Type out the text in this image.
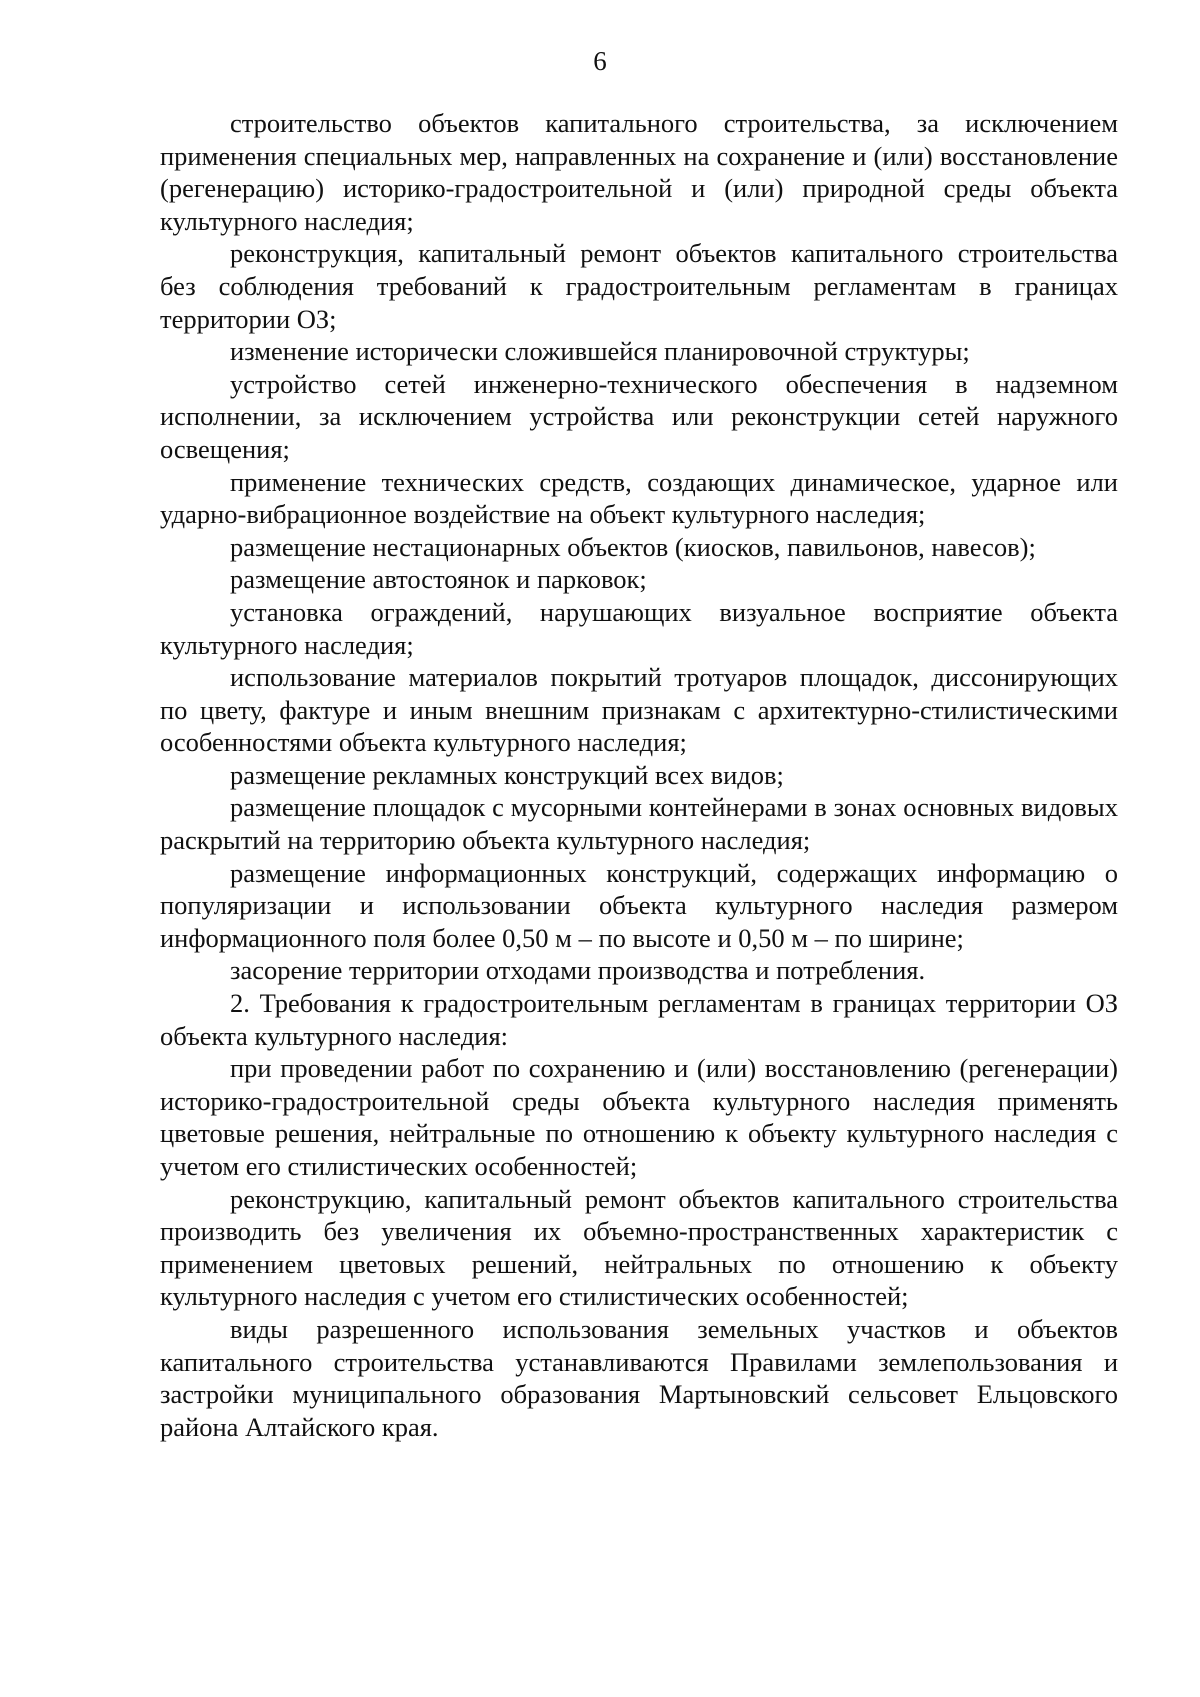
6

строительство объектов капитального строительства, за исключением применения специальных мер, направленных на сохранение и (или) восстановление (регенерацию) историко-градостроительной и (или) природной среды объекта культурного наследия;

реконструкция, капитальный ремонт объектов капитального строительства без соблюдения требований к градостроительным регламентам в границах территории ОЗ;

изменение исторически сложившейся планировочной структуры;

устройство сетей инженерно-технического обеспечения в надземном исполнении, за исключением устройства или реконструкции сетей наружного освещения;

применение технических средств, создающих динамическое, ударное или ударно-вибрационное воздействие на объект культурного наследия;

размещение нестационарных объектов (киосков, павильонов, навесов);

размещение автостоянок и парковок;

установка ограждений, нарушающих визуальное восприятие объекта культурного наследия;

использование материалов покрытий тротуаров площадок, диссонирующих по цвету, фактуре и иным внешним признакам с архитектурно-стилистическими особенностями объекта культурного наследия;

размещение рекламных конструкций всех видов;

размещение площадок с мусорными контейнерами в зонах основных видовых раскрытий на территорию объекта культурного наследия;

размещение информационных конструкций, содержащих информацию о популяризации и использовании объекта культурного наследия размером информационного поля более 0,50 м – по высоте и 0,50 м – по ширине;

засорение территории отходами производства и потребления.

2. Требования к градостроительным регламентам в границах территории ОЗ объекта культурного наследия:

при проведении работ по сохранению и (или) восстановлению (регенерации) историко-градостроительной среды объекта культурного наследия применять цветовые решения, нейтральные по отношению к объекту культурного наследия с учетом его стилистических особенностей;

реконструкцию, капитальный ремонт объектов капитального строительства производить без увеличения их объемно-пространственных характеристик с применением цветовых решений, нейтральных по отношению к объекту культурного наследия с учетом его стилистических особенностей;

виды разрешенного использования земельных участков и объектов капитального строительства устанавливаются Правилами землепользования и застройки муниципального образования Мартыновский сельсовет Ельцовского района Алтайского края.
